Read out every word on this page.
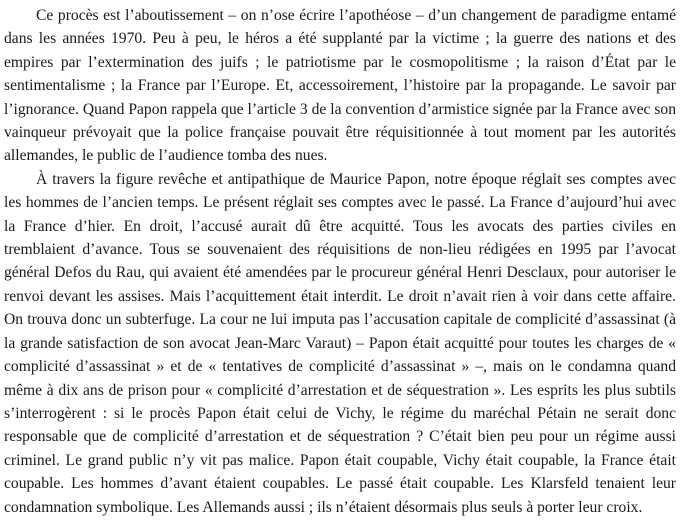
Ce procès est l’aboutissement – on n’ose écrire l’apothéose – d’un changement de paradigme entamé dans les années 1970. Peu à peu, le héros a été supplanté par la victime ; la guerre des nations et des empires par l’extermination des juifs ; le patriotisme par le cosmopolitisme ; la raison d’État par le sentimentalisme ; la France par l’Europe. Et, accessoirement, l’histoire par la propagande. Le savoir par l’ignorance. Quand Papon rappela que l’article 3 de la convention d’armistice signée par la France avec son vainqueur prévoyait que la police française pouvait être réquisitionnée à tout moment par les autorités allemandes, le public de l’audience tomba des nues.

À travers la figure revêche et antipathique de Maurice Papon, notre époque réglait ses comptes avec les hommes de l’ancien temps. Le présent réglait ses comptes avec le passé. La France d’aujourd’hui avec la France d’hier. En droit, l’accusé aurait dû être acquitté. Tous les avocats des parties civiles en tremblaient d’avance. Tous se souvenaient des réquisitions de non-lieu rédigées en 1995 par l’avocat général Defos du Rau, qui avaient été amendées par le procureur général Henri Desclaux, pour autoriser le renvoi devant les assises. Mais l’acquittement était interdit. Le droit n’avait rien à voir dans cette affaire. On trouva donc un subterfuge. La cour ne lui imputa pas l’accusation capitale de complicité d’assassinat (à la grande satisfaction de son avocat Jean-Marc Varaut) – Papon était acquitté pour toutes les charges de « complicité d’assassinat » et de « tentatives de complicité d’assassinat » –, mais on le condamna quand même à dix ans de prison pour « complicité d’arrestation et de séquestration ». Les esprits les plus subtils s’interrogèrent : si le procès Papon était celui de Vichy, le régime du maréchal Pétain ne serait donc responsable que de complicité d’arrestation et de séquestration ? C’était bien peu pour un régime aussi criminel. Le grand public n’y vit pas malice. Papon était coupable, Vichy était coupable, la France était coupable. Les hommes d’avant étaient coupables. Le passé était coupable. Les Klarsfeld tenaient leur condamnation symbolique. Les Allemands aussi ; ils n’étaient désormais plus seuls à porter leur croix.
